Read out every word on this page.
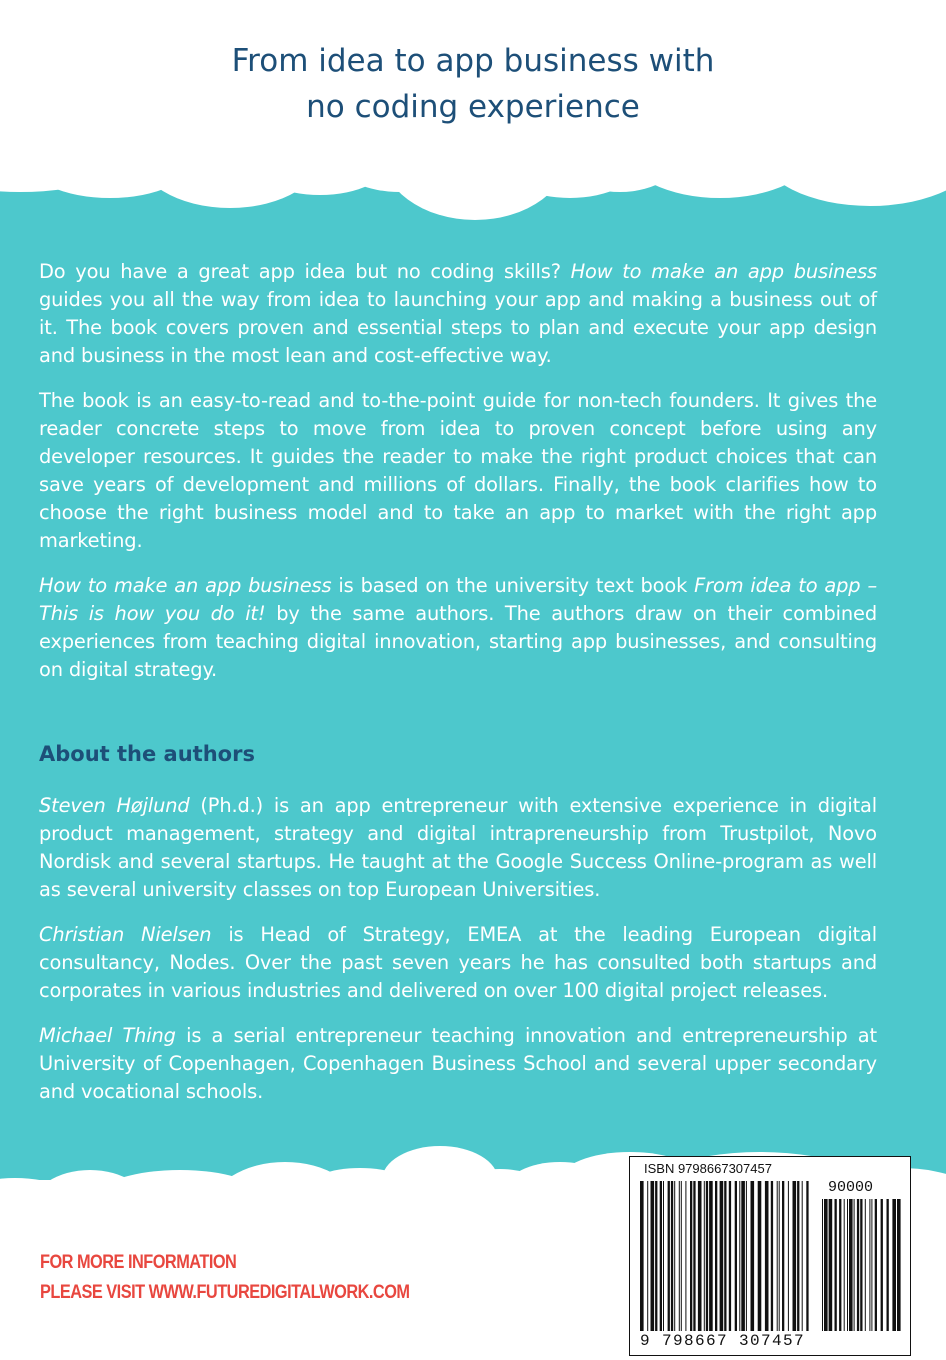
From idea to app business with
no coding experience

Do you have a great app idea but no coding skills? How to make an app business guides you all the way from idea to launching your app and making a business out of it. The book covers proven and essential steps to plan and execute your app design and business in the most lean and cost-effective way.

The book is an easy-to-read and to-the-point guide for non-tech founders. It gives the reader concrete steps to move from idea to proven concept before using any developer resources. It guides the reader to make the right product choices that can save years of development and millions of dollars. Finally, the book clarifies how to choose the right business model and to take an app to market with the right app marketing.

How to make an app business is based on the university text book From idea to app – This is how you do it! by the same authors. The authors draw on their combined experiences from teaching digital innovation, starting app businesses, and consulting on digital strategy.

About the authors

Steven Højlund (Ph.d.) is an app entrepreneur with extensive experience in digital product management, strategy and digital intrapreneurship from Trustpilot, Novo Nordisk and several startups. He taught at the Google Success Online-program as well as several university classes on top European Universities.

Christian Nielsen is Head of Strategy, EMEA at the leading European digital consultancy, Nodes. Over the past seven years he has consulted both startups and corporates in various industries and delivered on over 100 digital project releases.

Michael Thing is a serial entrepreneur teaching innovation and entrepreneurship at University of Copenhagen, Copenhagen Business School and several upper secondary and vocational schools.

FOR MORE INFORMATION
PLEASE VISIT WWW.FUTUREDIGITALWORK.COM
ISBN 9798667307457
90000
9 798667 307457
